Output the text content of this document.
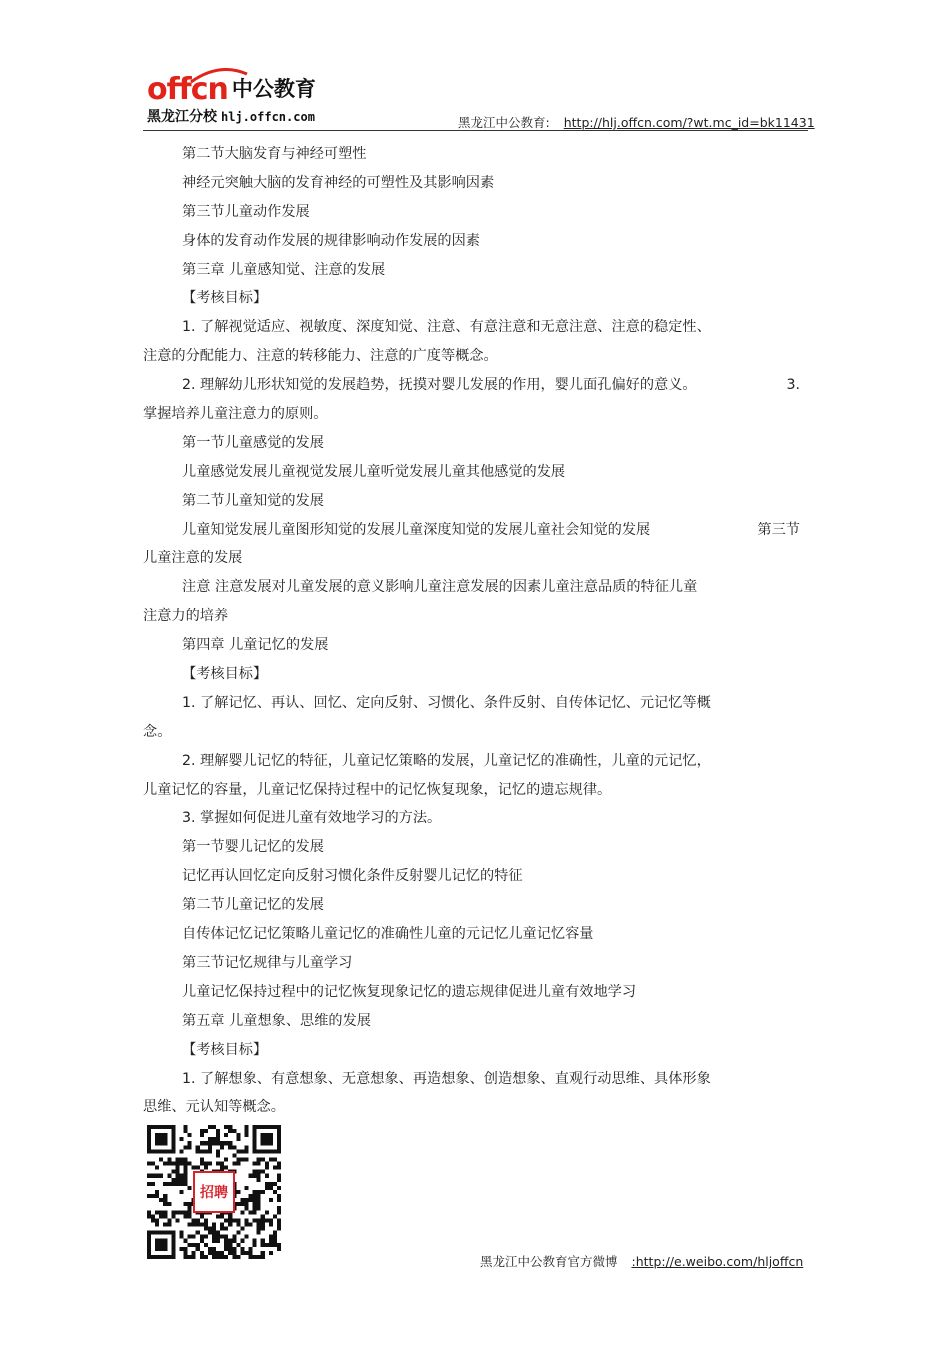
offcn 中公教育
黑龙江分校 hlj.offcn.com	黑龙江中公教育: http://hlj.offcn.com/?wt.mc_id=bk11431
第二节大脑发育与神经可塑性
神经元突触大脑的发育神经的可塑性及其影响因素
第三节儿童动作发展
身体的发育动作发展的规律影响动作发展的因素
第三章 儿童感知觉、注意的发展
【考核目标】
1. 了解视觉适应、视敏度、深度知觉、注意、有意注意和无意注意、注意的稳定性、
注意的分配能力、注意的转移能力、注意的广度等概念。
2. 理解幼儿形状知觉的发展趋势，抚摸对婴儿发展的作用，婴儿面孔偏好的意义。	3.
掌握培养儿童注意力的原则。
第一节儿童感觉的发展
儿童感觉发展儿童视觉发展儿童听觉发展儿童其他感觉的发展
第二节儿童知觉的发展
儿童知觉发展儿童图形知觉的发展儿童深度知觉的发展儿童社会知觉的发展	第三节
儿童注意的发展
注意 注意发展对儿童发展的意义影响儿童注意发展的因素儿童注意品质的特征儿童
注意力的培养
第四章 儿童记忆的发展
【考核目标】
1. 了解记忆、再认、回忆、定向反射、习惯化、条件反射、自传体记忆、元记忆等概
念。
2. 理解婴儿记忆的特征，儿童记忆策略的发展，儿童记忆的准确性，儿童的元记忆，
儿童记忆的容量，儿童记忆保持过程中的记忆恢复现象，记忆的遗忘规律。
3. 掌握如何促进儿童有效地学习的方法。
第一节婴儿记忆的发展
记忆再认回忆定向反射习惯化条件反射婴儿记忆的特征
第二节儿童记忆的发展
自传体记忆记忆策略儿童记忆的准确性儿童的元记忆儿童记忆容量
第三节记忆规律与儿童学习
儿童记忆保持过程中的记忆恢复现象记忆的遗忘规律促进儿童有效地学习
第五章 儿童想象、思维的发展
【考核目标】
1. 了解想象、有意想象、无意想象、再造想象、创造想象、直观行动思维、具体形象
思维、元认知等概念。
招聘
黑龙江中公教育官方微博 :http://e.weibo.com/hljoffcn
